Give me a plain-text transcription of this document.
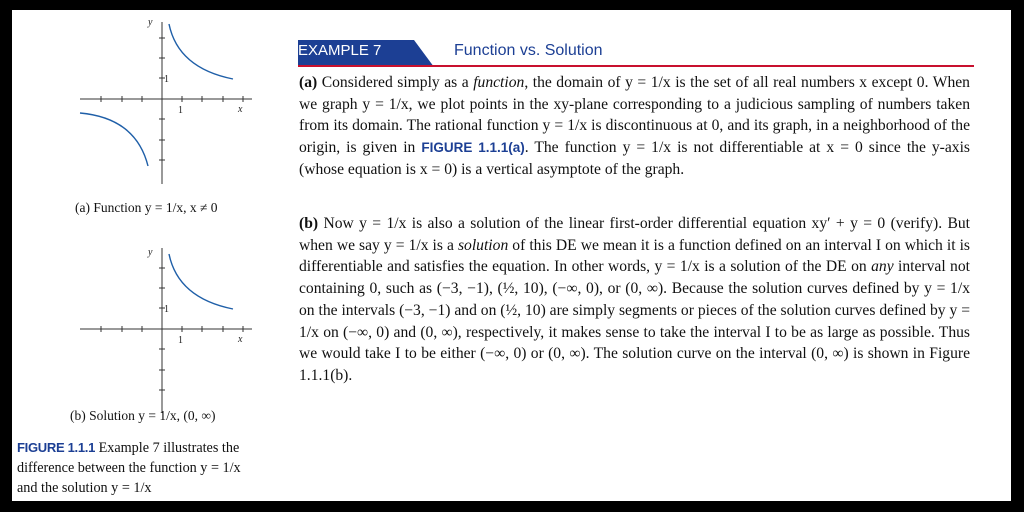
y
1
1	x
(a) Function y = 1/x, x ≠ 0
y
1
1	x
(b) Solution y = 1/x, (0, ∞)
FIGURE 1.1.1 Example 7 illustrates the difference between the function y = 1/x and the solution y = 1/x
EXAMPLE 7	Function vs. Solution
(a) Considered simply as a function, the domain of y = 1/x is the set of all real numbers x except 0. When we graph y = 1/x, we plot points in the xy-plane corresponding to a judicious sampling of numbers taken from its domain. The rational function y = 1/x is discontinuous at 0, and its graph, in a neighborhood of the origin, is given in FIGURE 1.1.1(a). The function y = 1/x is not differentiable at x = 0 since the y-axis (whose equation is x = 0) is a vertical asymptote of the graph.
(b) Now y = 1/x is also a solution of the linear first-order differential equation xy′ + y = 0 (verify). But when we say y = 1/x is a solution of this DE we mean it is a function defined on an interval I on which it is differentiable and satisfies the equation. In other words, y = 1/x is a solution of the DE on any interval not containing 0, such as (−3, −1), (½, 10), (−∞, 0), or (0, ∞). Because the solution curves defined by y = 1/x on the intervals (−3, −1) and on (½, 10) are simply segments or pieces of the solution curves defined by y = 1/x on (−∞, 0) and (0, ∞), respectively, it makes sense to take the interval I to be as large as possible. Thus we would take I to be either (−∞, 0) or (0, ∞). The solution curve on the interval (0, ∞) is shown in Figure 1.1.1(b).
